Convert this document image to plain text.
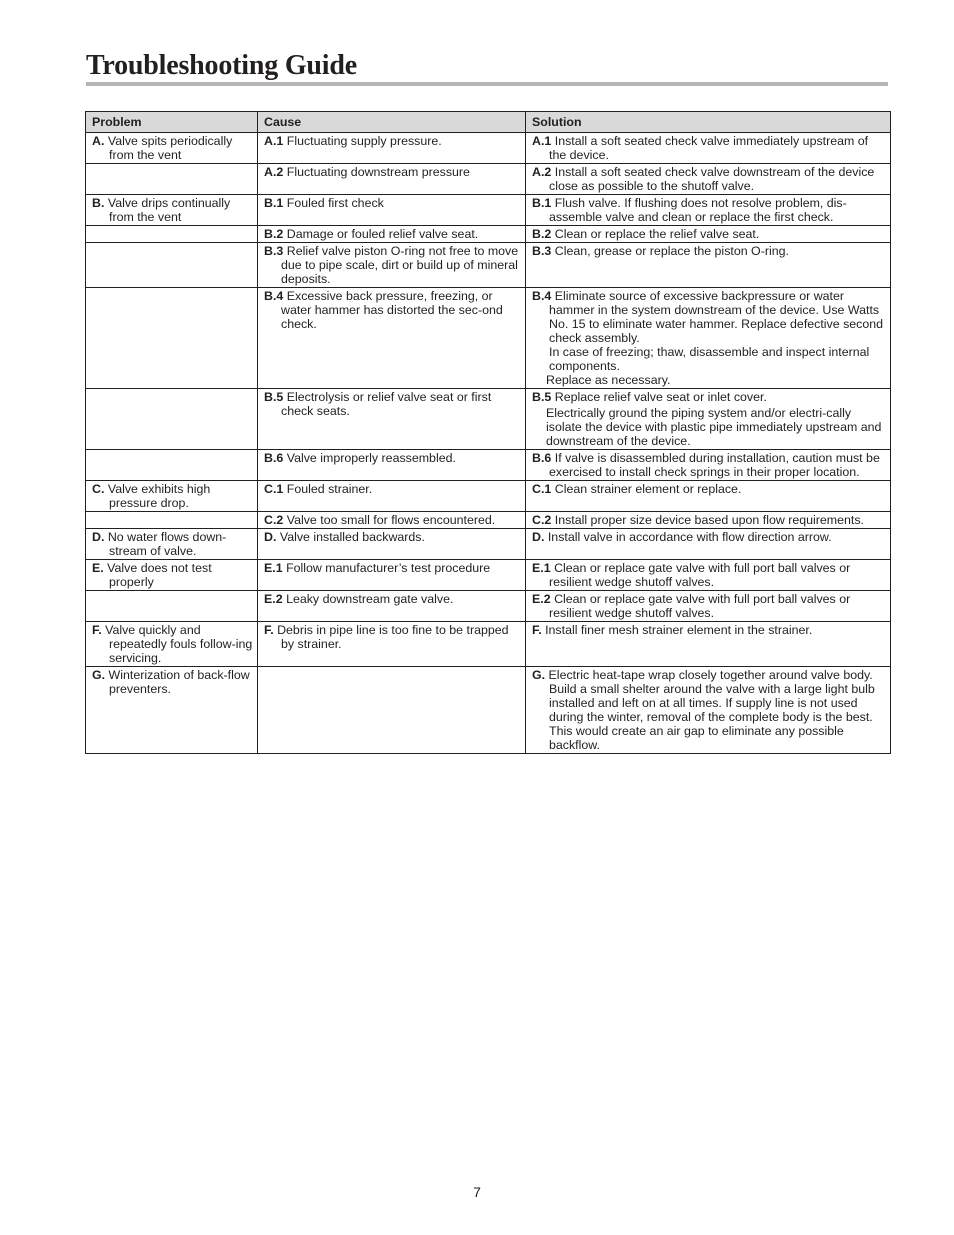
Troubleshooting Guide
Problem	Cause	Solution

A. Valve spits periodically from the vent	A.1 Fluctuating supply pressure.	A.1 Install a soft seated check valve immediately upstream of the device.

	A.2 Fluctuating downstream pressure	A.2 Install a soft seated check valve downstream of the device close as possible to the shutoff valve.

B. Valve drips continually from the vent	B.1 Fouled first check	B.1 Flush valve. If flushing does not resolve problem, dis-assemble valve and clean or replace the first check.

	B.2 Damage or fouled relief valve seat.	B.2 Clean or replace the relief valve seat.

	B.3 Relief valve piston O-ring not free to move due to pipe scale, dirt or build up of mineral deposits.	B.3 Clean, grease or replace the piston O-ring.

	B.4 Excessive back pressure, freezing, or water hammer has distorted the sec-ond check.	B.4 Eliminate source of excessive backpressure or water hammer in the system downstream of the device. Use Watts No. 15 to eliminate water hammer. Replace defective second check assembly.
In case of freezing; thaw, disassemble and inspect internal components.
Replace as necessary.

	B.5 Electrolysis or relief valve seat or first check seats.	B.5 Replace relief valve seat or inlet cover.
Electrically ground the piping system and/or electri-cally isolate the device with plastic pipe immediately upstream and downstream of the device.

	B.6 Valve improperly reassembled.	B.6 If valve is disassembled during installation, caution must be exercised to install check springs in their proper location.

C. Valve exhibits high pressure drop.	C.1 Fouled strainer.	C.1 Clean strainer element or replace.

	C.2 Valve too small for flows encountered.	C.2 Install proper size device based upon flow requirements.

D. No water flows down-stream of valve.	D. Valve installed backwards.	D. Install valve in accordance with flow direction arrow.

E. Valve does not test properly	E.1 Follow manufacturer’s test procedure	E.1 Clean or replace gate valve with full port ball valves or resilient wedge shutoff valves.

	E.2 Leaky downstream gate valve.	E.2 Clean or replace gate valve with full port ball valves or resilient wedge shutoff valves.

F. Valve quickly and repeatedly fouls follow-ing servicing.	F. Debris in pipe line is too fine to be trapped by strainer.	F. Install finer mesh strainer element in the strainer.

G. Winterization of back-flow preventers.		G. Electric heat-tape wrap closely together around valve body. Build a small shelter around the valve with a large light bulb installed and left on at all times. If supply line is not used during the winter, removal of the complete body is the best. This would create an air gap to eliminate any possible backflow.
7
